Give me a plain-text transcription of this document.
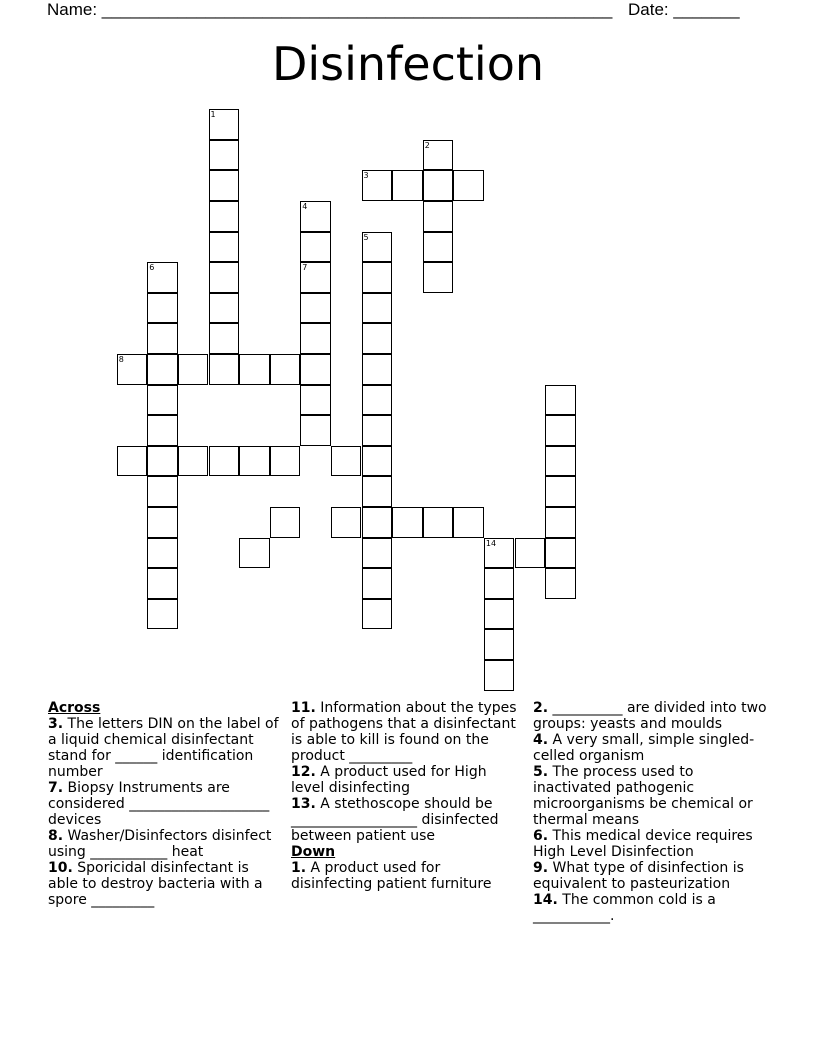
Name: ______________________________________________________ Date: _______
Disinfection
1
2
3
4
7
5
6
8
14
Across
3. The letters DIN on the label of a liquid chemical disinfectant stand for ______ identification number
7. Biopsy Instruments are considered ____________________ devices
8. Washer/Disinfectors disinfect using ___________ heat
10. Sporicidal disinfectant is able to destroy bacteria with a spore _________
11. Information about the types of pathogens that a disinfectant is able to kill is found on the product _________
12. A product used for High level disinfecting
13. A stethoscope should be __________________ disinfected between patient use
Down
1. A product used for disinfecting patient furniture
2. __________ are divided into two groups: yeasts and moulds
4. A very small, simple singled-celled organism
5. The process used to inactivated pathogenic microorganisms be chemical or thermal means
6. This medical device requires High Level Disinfection
9. What type of disinfection is equivalent to pasteurization
14. The common cold is a ___________.
